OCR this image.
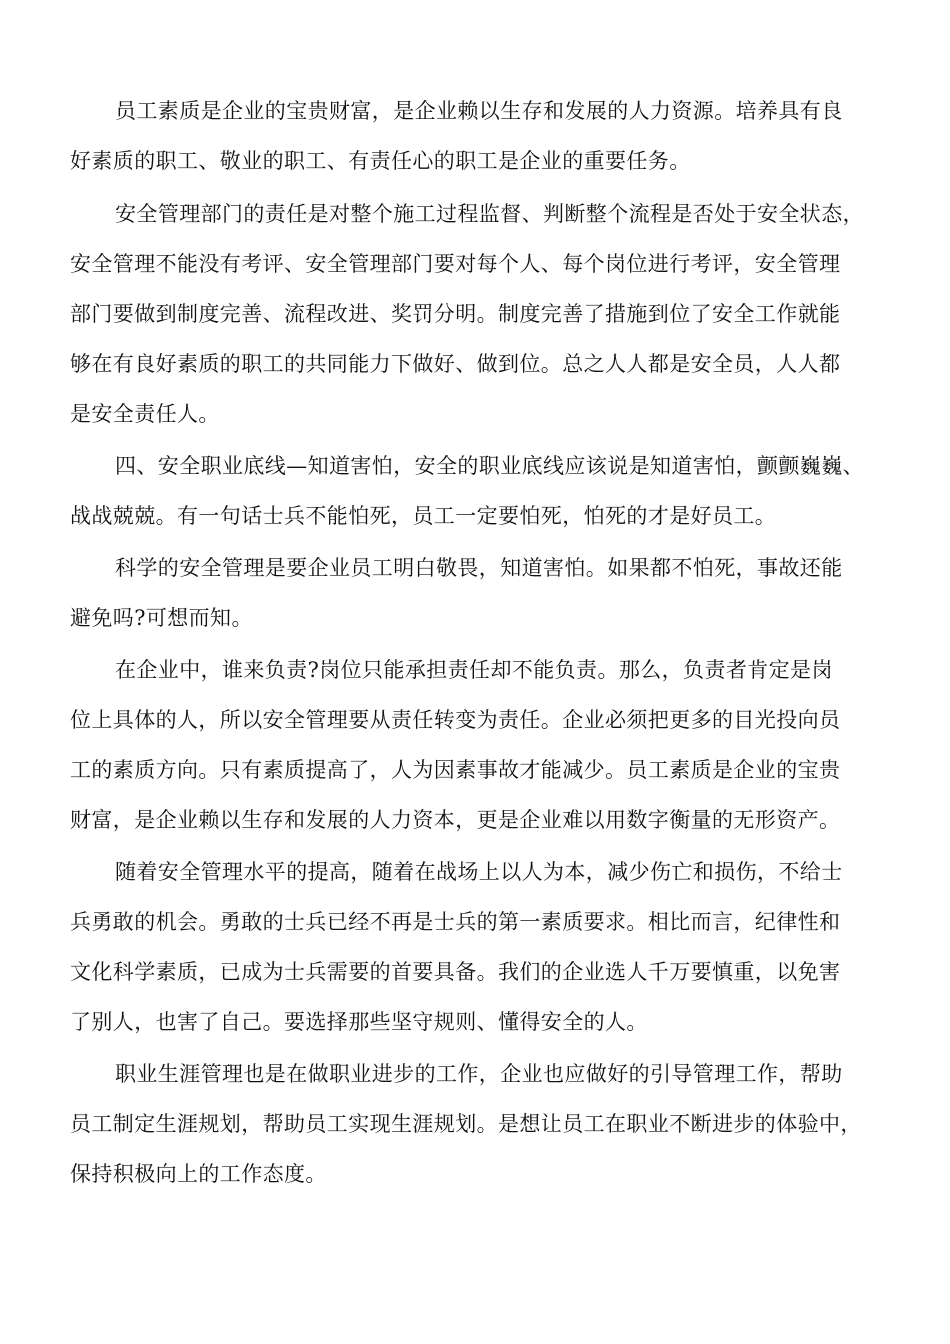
员工素质是企业的宝贵财富，是企业赖以生存和发展的人力资源。培养具有良
好素质的职工、敬业的职工、有责任心的职工是企业的重要任务。
安全管理部门的责任是对整个施工过程监督、判断整个流程是否处于安全状态，
安全管理不能没有考评、安全管理部门要对每个人、每个岗位进行考评，安全管理
部门要做到制度完善、流程改进、奖罚分明。制度完善了措施到位了安全工作就能
够在有良好素质的职工的共同能力下做好、做到位。总之人人都是安全员，人人都
是安全责任人。
四、安全职业底线—知道害怕，安全的职业底线应该说是知道害怕，颤颤巍巍、
战战兢兢。有一句话士兵不能怕死，员工一定要怕死，怕死的才是好员工。
科学的安全管理是要企业员工明白敬畏，知道害怕。如果都不怕死，事故还能
避免吗?可想而知。
在企业中，谁来负责?岗位只能承担责任却不能负责。那么，负责者肯定是岗
位上具体的人，所以安全管理要从责任转变为责任。企业必须把更多的目光投向员
工的素质方向。只有素质提高了，人为因素事故才能减少。员工素质是企业的宝贵
财富，是企业赖以生存和发展的人力资本，更是企业难以用数字衡量的无形资产。
随着安全管理水平的提高，随着在战场上以人为本，减少伤亡和损伤，不给士
兵勇敢的机会。勇敢的士兵已经不再是士兵的第一素质要求。相比而言，纪律性和
文化科学素质，已成为士兵需要的首要具备。我们的企业选人千万要慎重，以免害
了别人，也害了自己。要选择那些坚守规则、懂得安全的人。
职业生涯管理也是在做职业进步的工作，企业也应做好的引导管理工作，帮助
员工制定生涯规划，帮助员工实现生涯规划。是想让员工在职业不断进步的体验中，
保持积极向上的工作态度。
